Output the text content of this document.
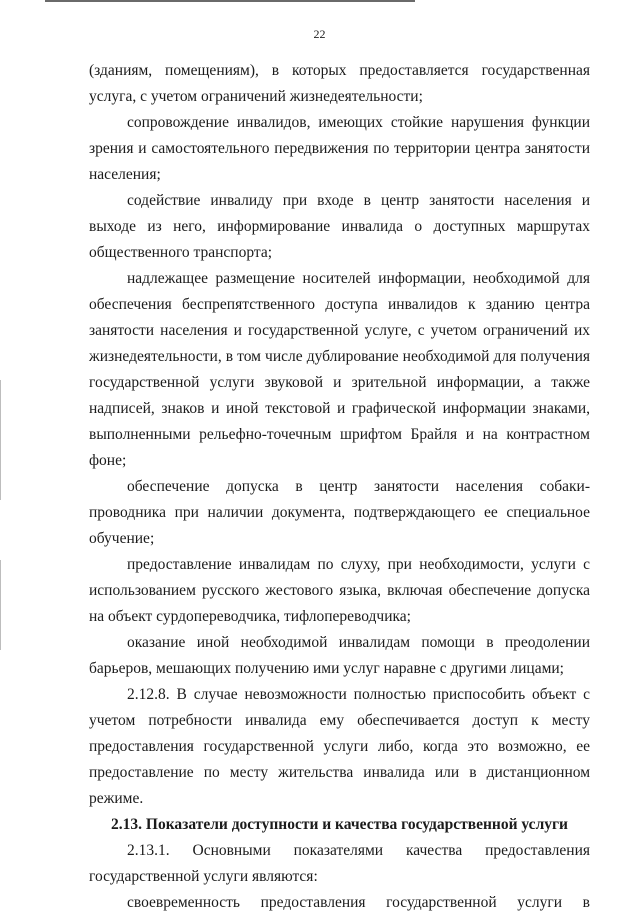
22

(зданиям, помещениям), в которых предоставляется государственная услуга, с учетом ограничений жизнедеятельности;

сопровождение инвалидов, имеющих стойкие нарушения функции зрения и самостоятельного передвижения по территории центра занятости населения;

содействие инвалиду при входе в центр занятости населения и выходе из него, информирование инвалида о доступных маршрутах общественного транспорта;

надлежащее размещение носителей информации, необходимой для обеспечения беспрепятственного доступа инвалидов к зданию центра занятости населения и государственной услуге, с учетом ограничений их жизнедеятельности, в том числе дублирование необходимой для получения государственной услуги звуковой и зрительной информации, а также надписей, знаков и иной текстовой и графической информации знаками, выполненными рельефно-точечным шрифтом Брайля и на контрастном фоне;

обеспечение допуска в центр занятости населения собаки-проводника при наличии документа, подтверждающего ее специальное обучение;

предоставление инвалидам по слуху, при необходимости, услуги с использованием русского жестового языка, включая обеспечение допуска на объект сурдопереводчика, тифлопереводчика;

оказание иной необходимой инвалидам помощи в преодолении барьеров, мешающих получению ими услуг наравне с другими лицами;

2.12.8. В случае невозможности полностью приспособить объект с учетом потребности инвалида ему обеспечивается доступ к месту предоставления государственной услуги либо, когда это возможно, ее предоставление по месту жительства инвалида или в дистанционном режиме.

2.13. Показатели доступности и качества государственной услуги

2.13.1. Основными показателями качества предоставления государственной услуги являются:

своевременность предоставления государственной услуги в
